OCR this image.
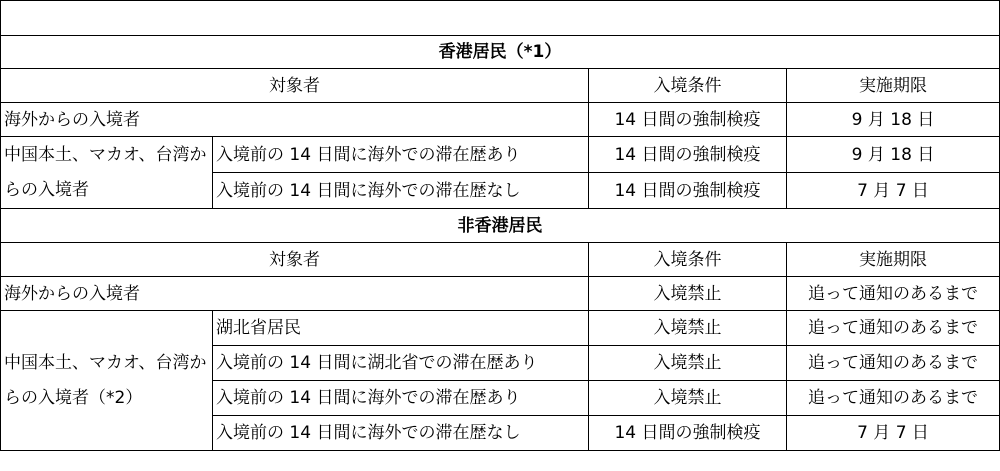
香港居民（*1）			
対象者		入境条件	実施期限
海外からの入境者		14 日間の強制検疫	9 月 18 日
中国本土、マカオ、台湾からの入境者	入境前の 14 日間に海外での滞在歴あり	14 日間の強制検疫	9 月 18 日
	入境前の 14 日間に海外での滞在歴なし	14 日間の強制検疫	7 月 7 日
非香港居民			
対象者		入境条件	実施期限
海外からの入境者		入境禁止	追って通知のあるまで
中国本土、マカオ、台湾からの入境者（*2）	湖北省居民	入境禁止	追って通知のあるまで
	入境前の 14 日間に湖北省での滞在歴あり	入境禁止	追って通知のあるまで
	入境前の 14 日間に海外での滞在歴あり	入境禁止	追って通知のあるまで
	入境前の 14 日間に海外での滞在歴なし	14 日間の強制検疫	7 月 7 日
